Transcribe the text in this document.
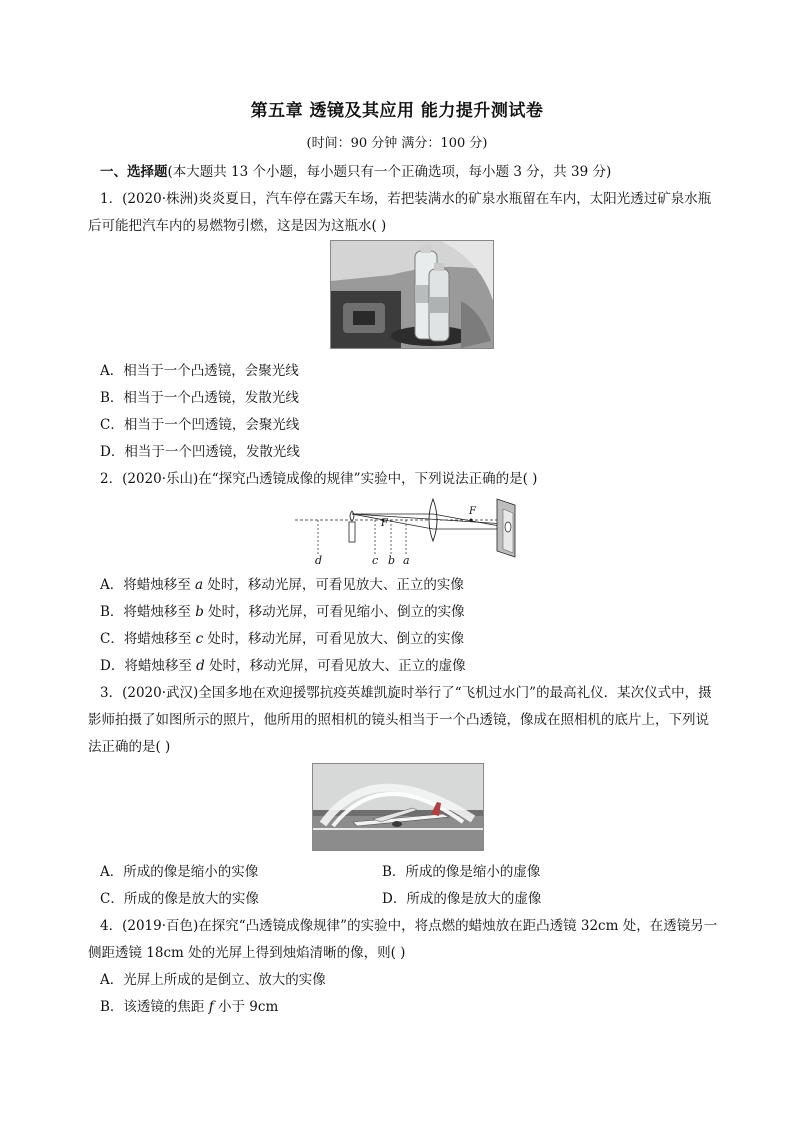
第五章 透镜及其应用 能力提升测试卷
(时间：90 分钟 满分：100 分)
一、选择题(本大题共 13 个小题，每小题只有一个正确选项，每小题 3 分，共 39 分)
1．(2020·株洲)炎炎夏日，汽车停在露天车场，若把装满水的矿泉水瓶留在车内，太阳光透过矿泉水瓶
后可能把汽车内的易燃物引燃，这是因为这瓶水( )
A．相当于一个凸透镜，会聚光线
B．相当于一个凸透镜，发散光线
C．相当于一个凹透镜，会聚光线
D．相当于一个凹透镜，发散光线
2．(2020·乐山)在“探究凸透镜成像的规律”实验中，下列说法正确的是( )
d	c b a
F
F
A．将蜡烛移至 a 处时，移动光屏，可看见放大、正立的实像
B．将蜡烛移至 b 处时，移动光屏，可看见缩小、倒立的实像
C．将蜡烛移至 c 处时，移动光屏，可看见放大、倒立的实像
D．将蜡烛移至 d 处时，移动光屏，可看见放大、正立的虚像
3．(2020·武汉)全国多地在欢迎援鄂抗疫英雄凯旋时举行了“飞机过水门”的最高礼仪．某次仪式中，摄
影师拍摄了如图所示的照片，他所用的照相机的镜头相当于一个凸透镜，像成在照相机的底片上，下列说
法正确的是( )
A．所成的像是缩小的实像	B．所成的像是缩小的虚像
C．所成的像是放大的实像	D．所成的像是放大的虚像
4．(2019·百色)在探究“凸透镜成像规律”的实验中，将点燃的蜡烛放在距凸透镜 32cm 处，在透镜另一
侧距透镜 18cm 处的光屏上得到烛焰清晰的像，则( )
A．光屏上所成的是倒立、放大的实像
B．该透镜的焦距 f 小于 9cm
